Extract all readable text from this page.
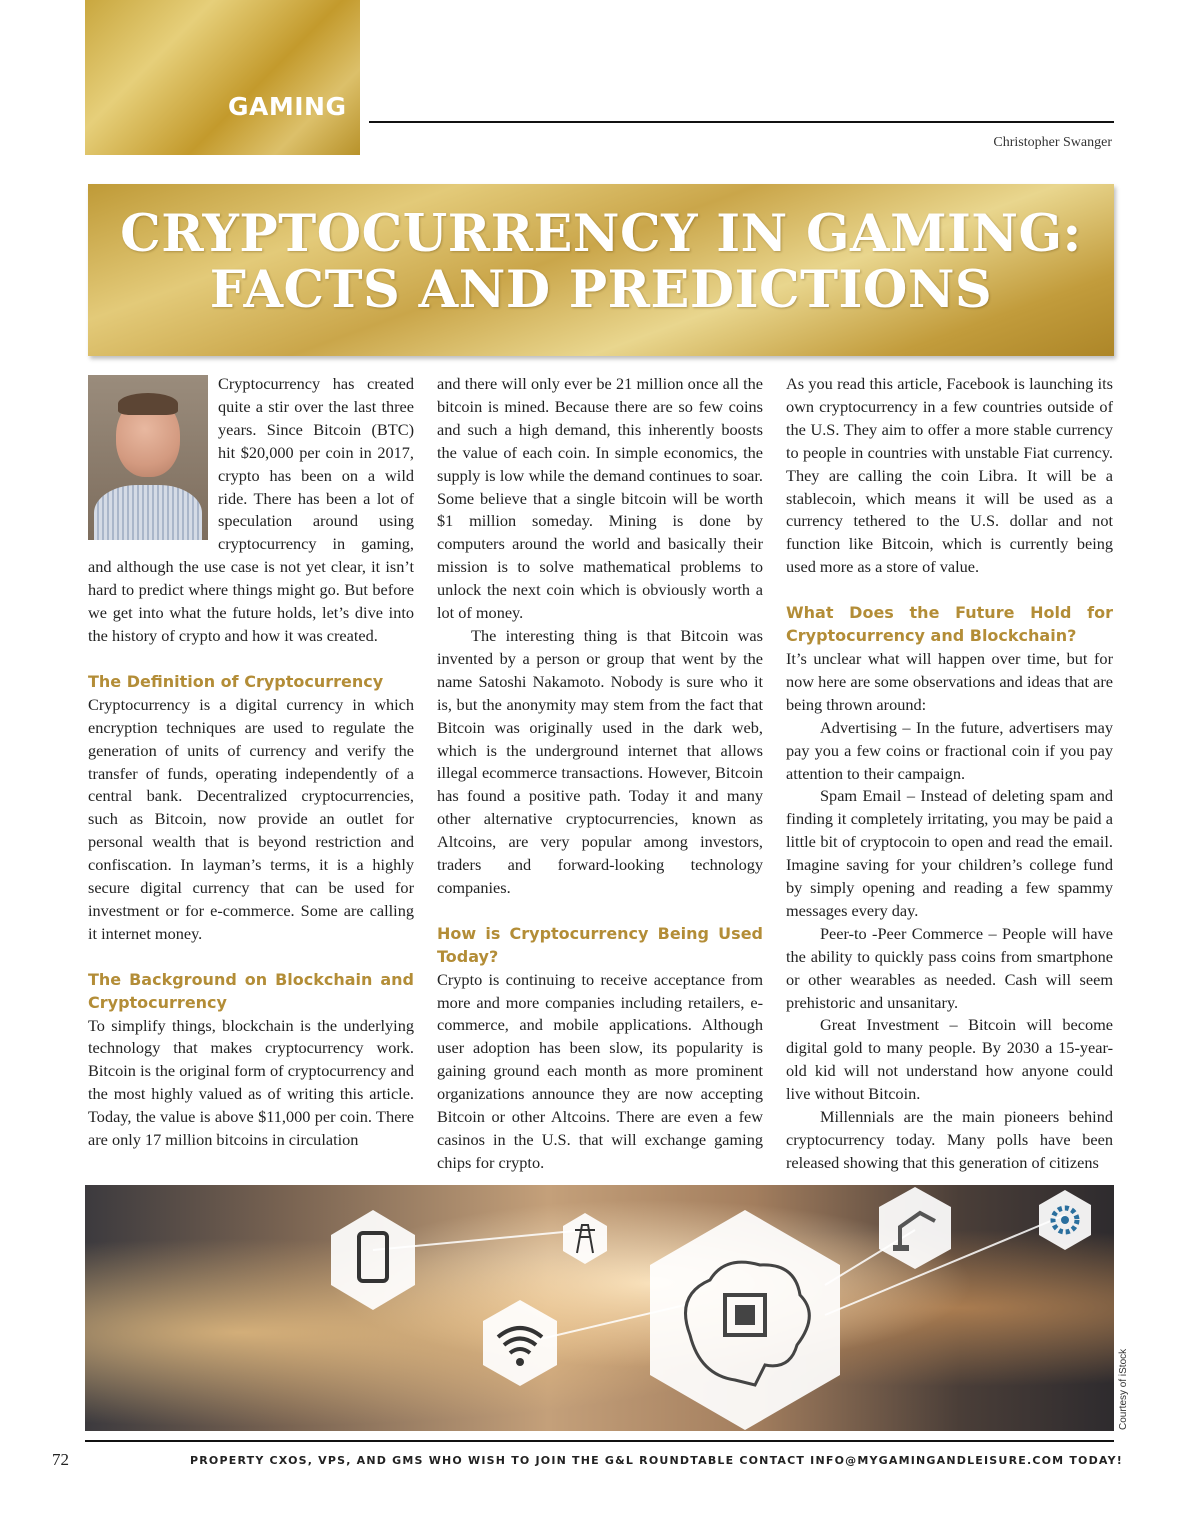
GAMING
Christopher Swanger
CRYPTOCURRENCY IN GAMING:
FACTS AND PREDICTIONS

Cryptocurrency has created quite a stir over the last three years. Since Bitcoin (BTC) hit $20,000 per coin in 2017, crypto has been on a wild ride. There has been a lot of speculation around using cryptocurrency in gaming, and although the use case is not yet clear, it isn’t hard to predict where things might go. But before we get into what the future holds, let’s dive into the history of crypto and how it was created.

The Definition of Cryptocurrency

Cryptocurrency is a digital currency in which encryption techniques are used to regulate the generation of units of currency and verify the transfer of funds, operating independently of a central bank. Decentralized cryptocurrencies, such as Bitcoin, now provide an outlet for personal wealth that is beyond restriction and confiscation. In layman’s terms, it is a highly secure digital currency that can be used for investment or for e-commerce. Some are calling it internet money.

The Background on Blockchain and Cryptocurrency

To simplify things, blockchain is the underlying technology that makes cryptocurrency work. Bitcoin is the original form of cryptocurrency and the most highly valued as of writing this article. Today, the value is above $11,000 per coin. There are only 17 million bitcoins in circulation

and there will only ever be 21 million once all the bitcoin is mined. Because there are so few coins and such a high demand, this inherently boosts the value of each coin. In simple economics, the supply is low while the demand continues to soar. Some believe that a single bitcoin will be worth $1 million someday. Mining is done by computers around the world and basically their mission is to solve mathematical problems to unlock the next coin which is obviously worth a lot of money.

The interesting thing is that Bitcoin was invented by a person or group that went by the name Satoshi Nakamoto. Nobody is sure who it is, but the anonymity may stem from the fact that Bitcoin was originally used in the dark web, which is the underground internet that allows illegal ecommerce transactions. However, Bitcoin has found a positive path. Today it and many other alternative cryptocurrencies, known as Altcoins, are very popular among investors, traders and forward-looking technology companies.

How is Cryptocurrency Being Used Today?

Crypto is continuing to receive acceptance from more and more companies including retailers, e-commerce, and mobile applications. Although user adoption has been slow, its popularity is gaining ground each month as more prominent organizations announce they are now accepting Bitcoin or other Altcoins. There are even a few casinos in the U.S. that will exchange gaming chips for crypto.

As you read this article, Facebook is launching its own cryptocurrency in a few countries outside of the U.S. They aim to offer a more stable currency to people in countries with unstable Fiat currency. They are calling the coin Libra. It will be a stablecoin, which means it will be used as a currency tethered to the U.S. dollar and not function like Bitcoin, which is currently being used more as a store of value.

What Does the Future Hold for Cryptocurrency and Blockchain?

It’s unclear what will happen over time, but for now here are some observations and ideas that are being thrown around:

Advertising – In the future, advertisers may pay you a few coins or fractional coin if you pay attention to their campaign.

Spam Email – Instead of deleting spam and finding it completely irritating, you may be paid a little bit of cryptocoin to open and read the email. Imagine saving for your children’s college fund by simply opening and reading a few spammy messages every day.

Peer-to -Peer Commerce – People will have the ability to quickly pass coins from smartphone or other wearables as needed. Cash will seem prehistoric and unsanitary.

Great Investment – Bitcoin will become digital gold to many people. By 2030 a 15-year-old kid will not understand how anyone could live without Bitcoin.

Millennials are the main pioneers behind cryptocurrency today. Many polls have been released showing that this generation of citizens

Courtesy of iStock
72	PROPERTY CXOS, VPS, AND GMS WHO WISH TO JOIN THE G&L ROUNDTABLE CONTACT INFO@MYGAMINGANDLEISURE.COM TODAY!
